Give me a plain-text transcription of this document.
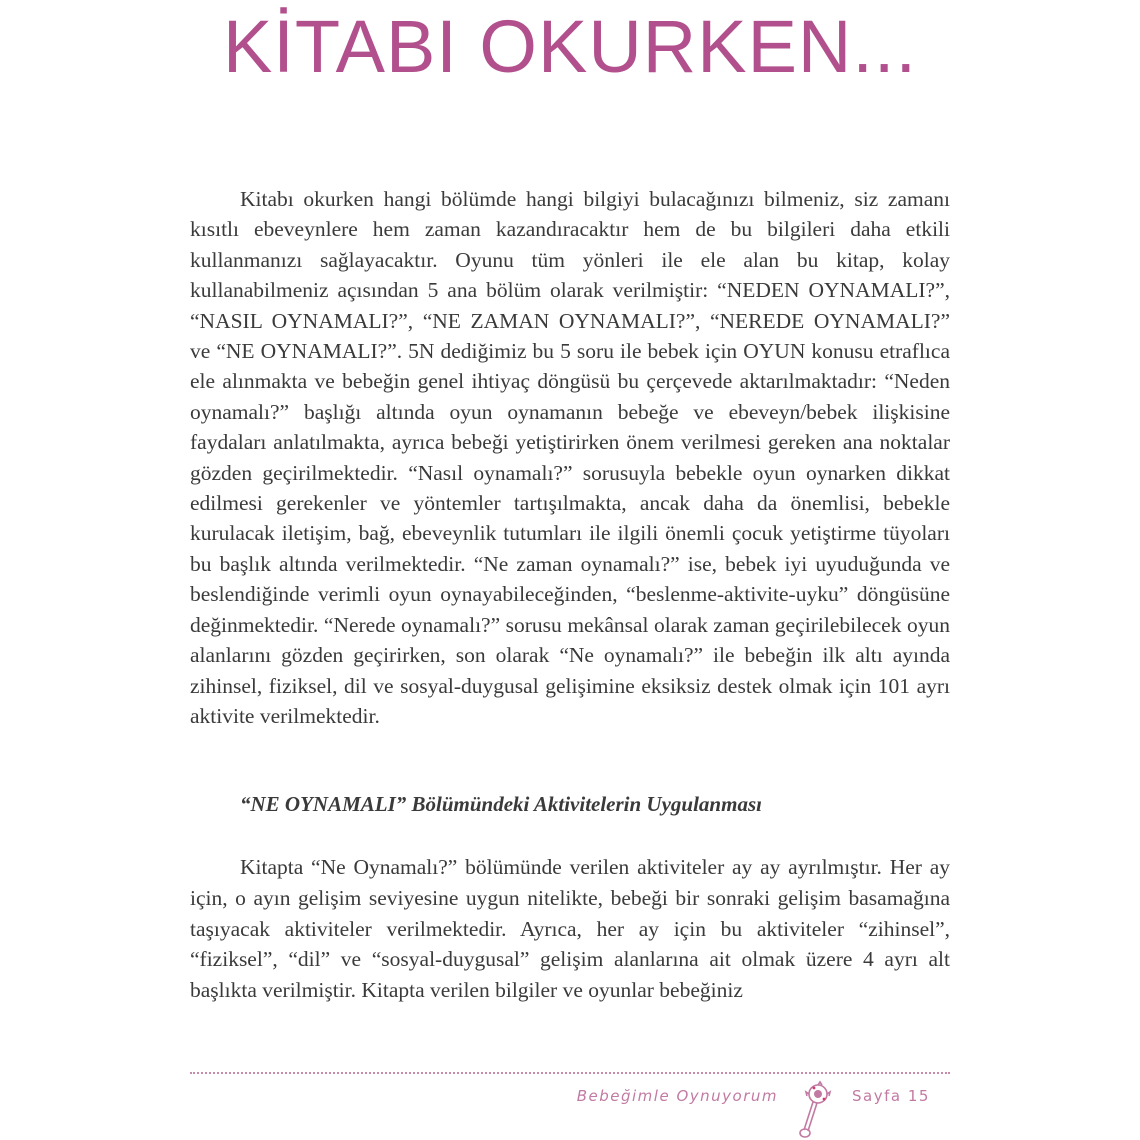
KİTABI OKURKEN...

Kitabı okurken hangi bölümde hangi bilgiyi bulacağınızı bilmeniz, siz zamanı kısıtlı ebeveynlere hem zaman kazandıracaktır hem de bu bilgileri daha etkili kullanmanızı sağlayacaktır. Oyunu tüm yönleri ile ele alan bu kitap, kolay kullanabilmeniz açısından 5 ana bölüm olarak verilmiştir: “NEDEN OYNAMALI?”, “NASIL OYNAMALI?”, “NE ZAMAN OYNAMALI?”, “NEREDE OYNAMALI?” ve “NE OYNAMALI?”. 5N dediğimiz bu 5 soru ile bebek için OYUN konusu etraflıca ele alınmakta ve bebeğin genel ihtiyaç döngüsü bu çerçevede aktarılmaktadır: “Neden oynamalı?” başlığı altında oyun oynamanın bebeğe ve ebeveyn/bebek ilişkisine faydaları anlatılmakta, ayrıca bebeği yetiştirirken önem verilmesi gereken ana noktalar gözden geçirilmektedir. “Nasıl oynamalı?” sorusuyla bebekle oyun oynarken dikkat edilmesi gerekenler ve yöntemler tartışılmakta, ancak daha da önemlisi, bebekle kurulacak iletişim, bağ, ebeveynlik tutumları ile ilgili önemli çocuk yetiştirme tüyoları bu başlık altında verilmektedir. “Ne zaman oynamalı?” ise, bebek iyi uyuduğunda ve beslendiğinde verimli oyun oynayabileceğinden, “beslenme-aktivite-uyku” döngüsüne değinmektedir. “Nerede oynamalı?” sorusu mekânsal olarak zaman geçirilebilecek oyun alanlarını gözden geçirirken, son olarak “Ne oynamalı?” ile bebeğin ilk altı ayında zihinsel, fiziksel, dil ve sosyal-duygusal gelişimine eksiksiz destek olmak için 101 ayrı aktivite verilmektedir.

“NE OYNAMALI” Bölümündeki Aktivitelerin Uygulanması

Kitapta “Ne Oynamalı?” bölümünde verilen aktiviteler ay ay ayrılmıştır. Her ay için, o ayın gelişim seviyesine uygun nitelikte, bebeği bir sonraki gelişim basamağına taşıyacak aktiviteler verilmektedir. Ayrıca, her ay için bu aktiviteler “zihinsel”, “fiziksel”, “dil” ve “sosyal-duygusal” gelişim alanlarına ait olmak üzere 4 ayrı alt başlıkta verilmiştir. Kitapta verilen bilgiler ve oyunlar bebeğiniz

Bebeğimle Oynuyorum	Sayfa 15
